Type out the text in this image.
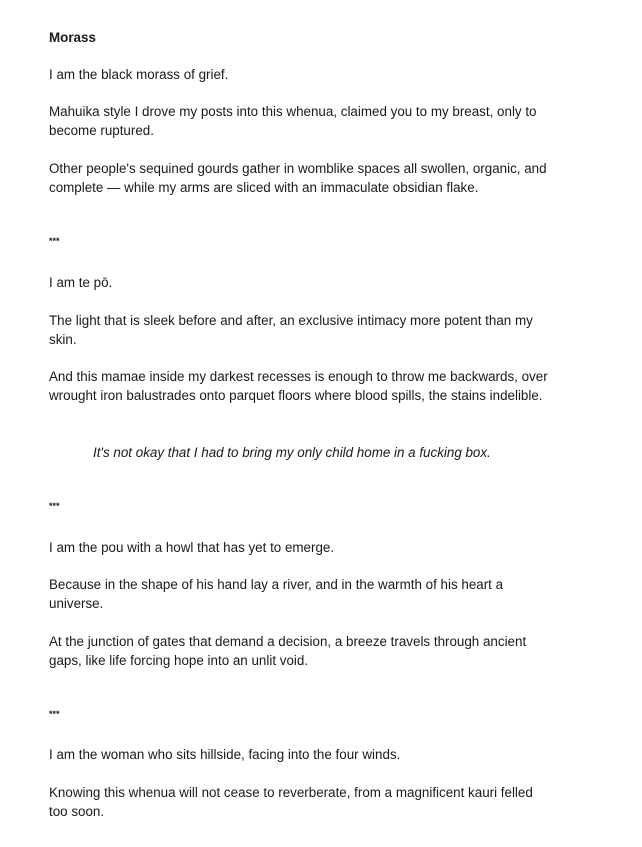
Morass

I am the black morass of grief.

Mahuika style I drove my posts into this whenua, claimed you to my breast, only to

become ruptured.

Other people's sequined gourds gather in womblike spaces all swollen, organic, and

complete — while my arms are sliced with an immaculate obsidian flake.

***

I am te pō.

The light that is sleek before and after, an exclusive intimacy more potent than my

skin.

And this mamae inside my darkest recesses is enough to throw me backwards, over

wrought iron balustrades onto parquet floors where blood spills, the stains indelible.

It's not okay that I had to bring my only child home in a fucking box.

***

I am the pou with a howl that has yet to emerge.

Because in the shape of his hand lay a river, and in the warmth of his heart a

universe.

At the junction of gates that demand a decision, a breeze travels through ancient

gaps, like life forcing hope into an unlit void.

***

I am the woman who sits hillside, facing into the four winds.

Knowing this whenua will not cease to reverberate, from a magnificent kauri felled

too soon.
